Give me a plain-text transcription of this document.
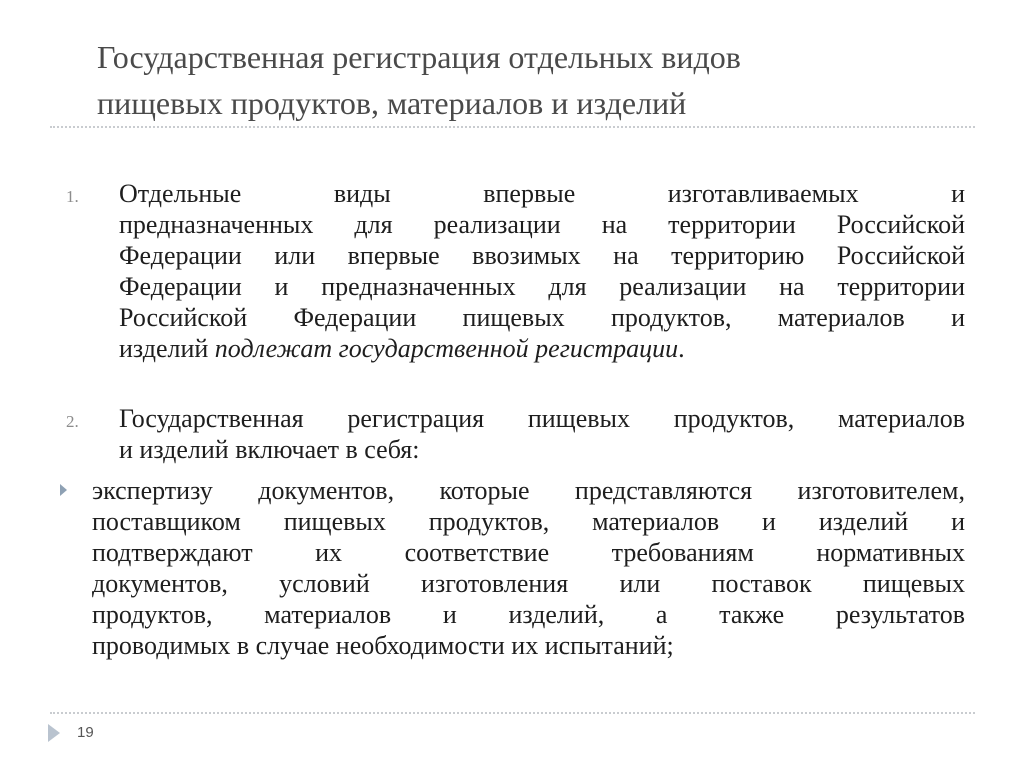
Государственная регистрация отдельных видов
пищевых продуктов, материалов и изделий
1. Отдельные виды впервые изготавливаемых и
предназначенных для реализации на территории Российской
Федерации или впервые ввозимых на территорию Российской
Федерации и предназначенных для реализации на территории
Российской Федерации пищевых продуктов, материалов и
изделий подлежат государственной регистрации.
2. Государственная регистрация пищевых продуктов, материалов
и изделий включает в себя:
экспертизу документов, которые представляются изготовителем,
поставщиком пищевых продуктов, материалов и изделий и
подтверждают их соответствие требованиям нормативных
документов, условий изготовления или поставок пищевых
продуктов, материалов и изделий, а также результатов
проводимых в случае необходимости их испытаний;
19
